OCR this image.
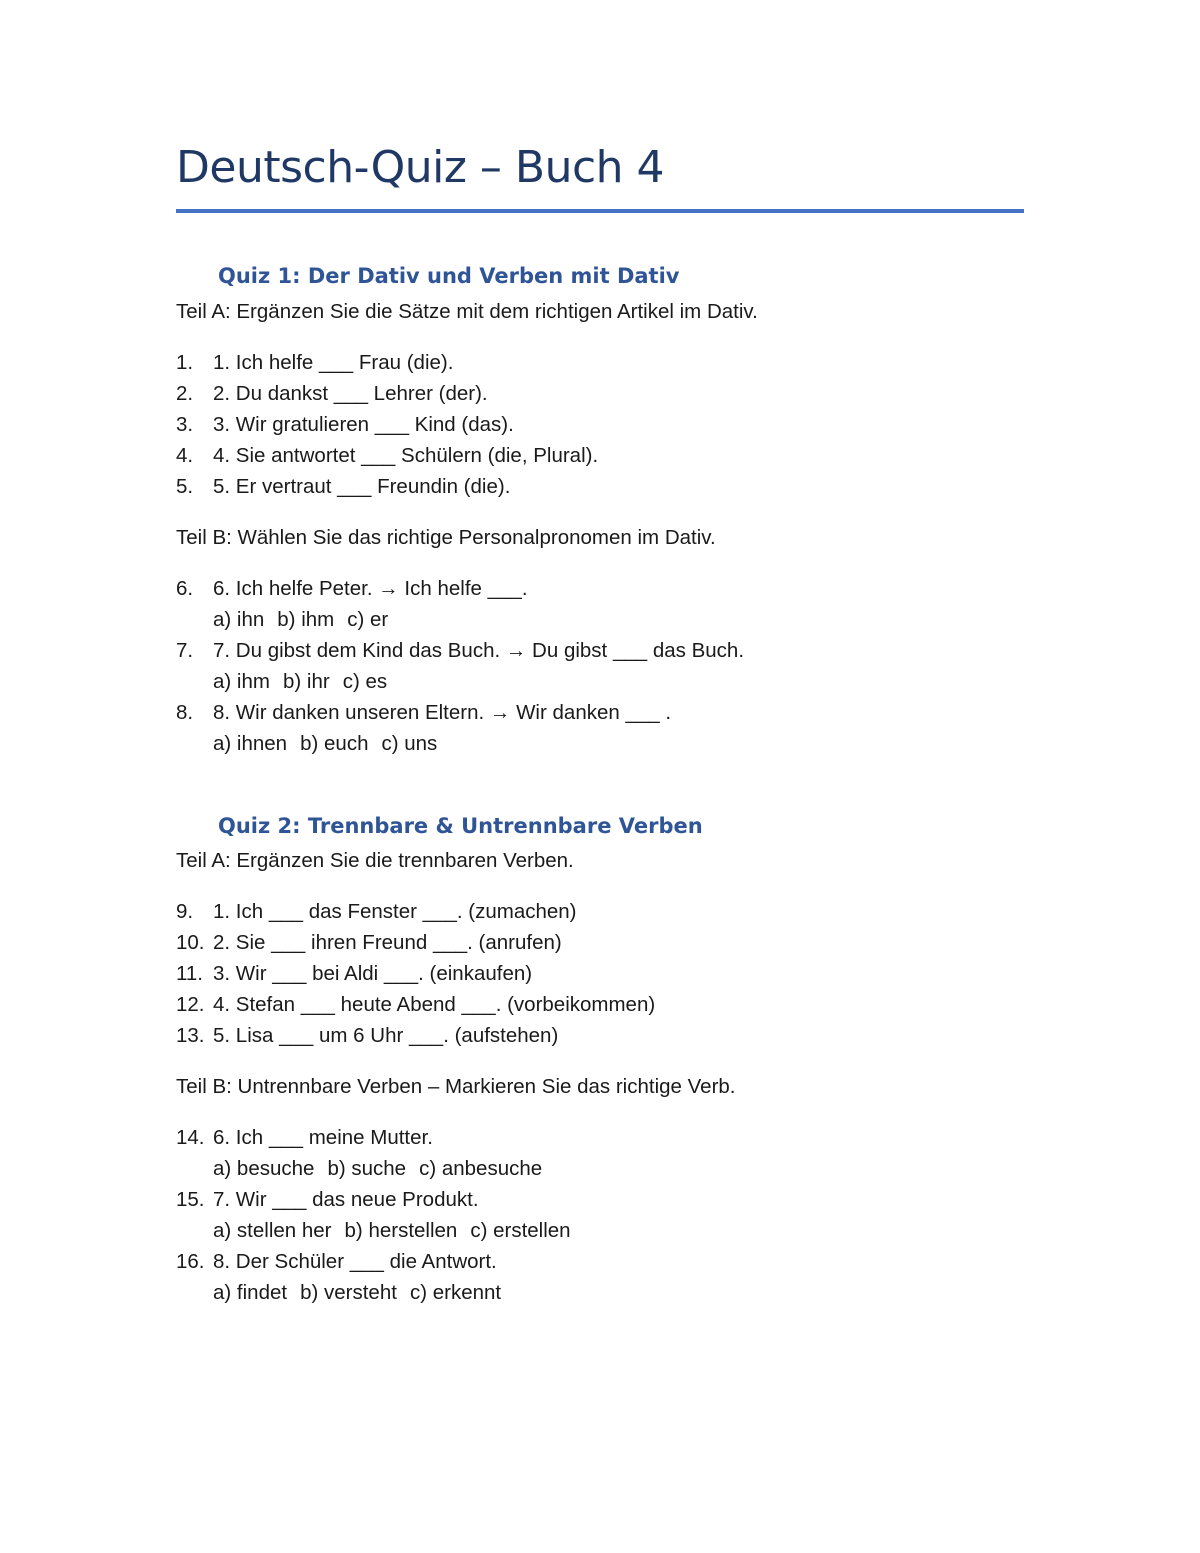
Deutsch-Quiz – Buch 4
Quiz 1: Der Dativ und Verben mit Dativ
Teil A: Ergänzen Sie die Sätze mit dem richtigen Artikel im Dativ.
1. 1. Ich helfe ___ Frau (die).
2. 2. Du dankst ___ Lehrer (der).
3. 3. Wir gratulieren ___ Kind (das).
4. 4. Sie antwortet ___ Schülern (die, Plural).
5. 5. Er vertraut ___ Freundin (die).
Teil B: Wählen Sie das richtige Personalpronomen im Dativ.
6. 6. Ich helfe Peter. → Ich helfe ___.
a) ihn b) ihm c) er
7. 7. Du gibst dem Kind das Buch. → Du gibst ___ das Buch.
a) ihm b) ihr c) es
8. 8. Wir danken unseren Eltern. → Wir danken ___ .
a) ihnen b) euch c) uns
Quiz 2: Trennbare & Untrennbare Verben
Teil A: Ergänzen Sie die trennbaren Verben.
9. 1. Ich ___ das Fenster ___. (zumachen)
10. 2. Sie ___ ihren Freund ___. (anrufen)
11. 3. Wir ___ bei Aldi ___. (einkaufen)
12. 4. Stefan ___ heute Abend ___. (vorbeikommen)
13. 5. Lisa ___ um 6 Uhr ___. (aufstehen)
Teil B: Untrennbare Verben – Markieren Sie das richtige Verb.
14. 6. Ich ___ meine Mutter.
a) besuche b) suche c) anbesuche
15. 7. Wir ___ das neue Produkt.
a) stellen her b) herstellen c) erstellen
16. 8. Der Schüler ___ die Antwort.
a) findet b) versteht c) erkennt
